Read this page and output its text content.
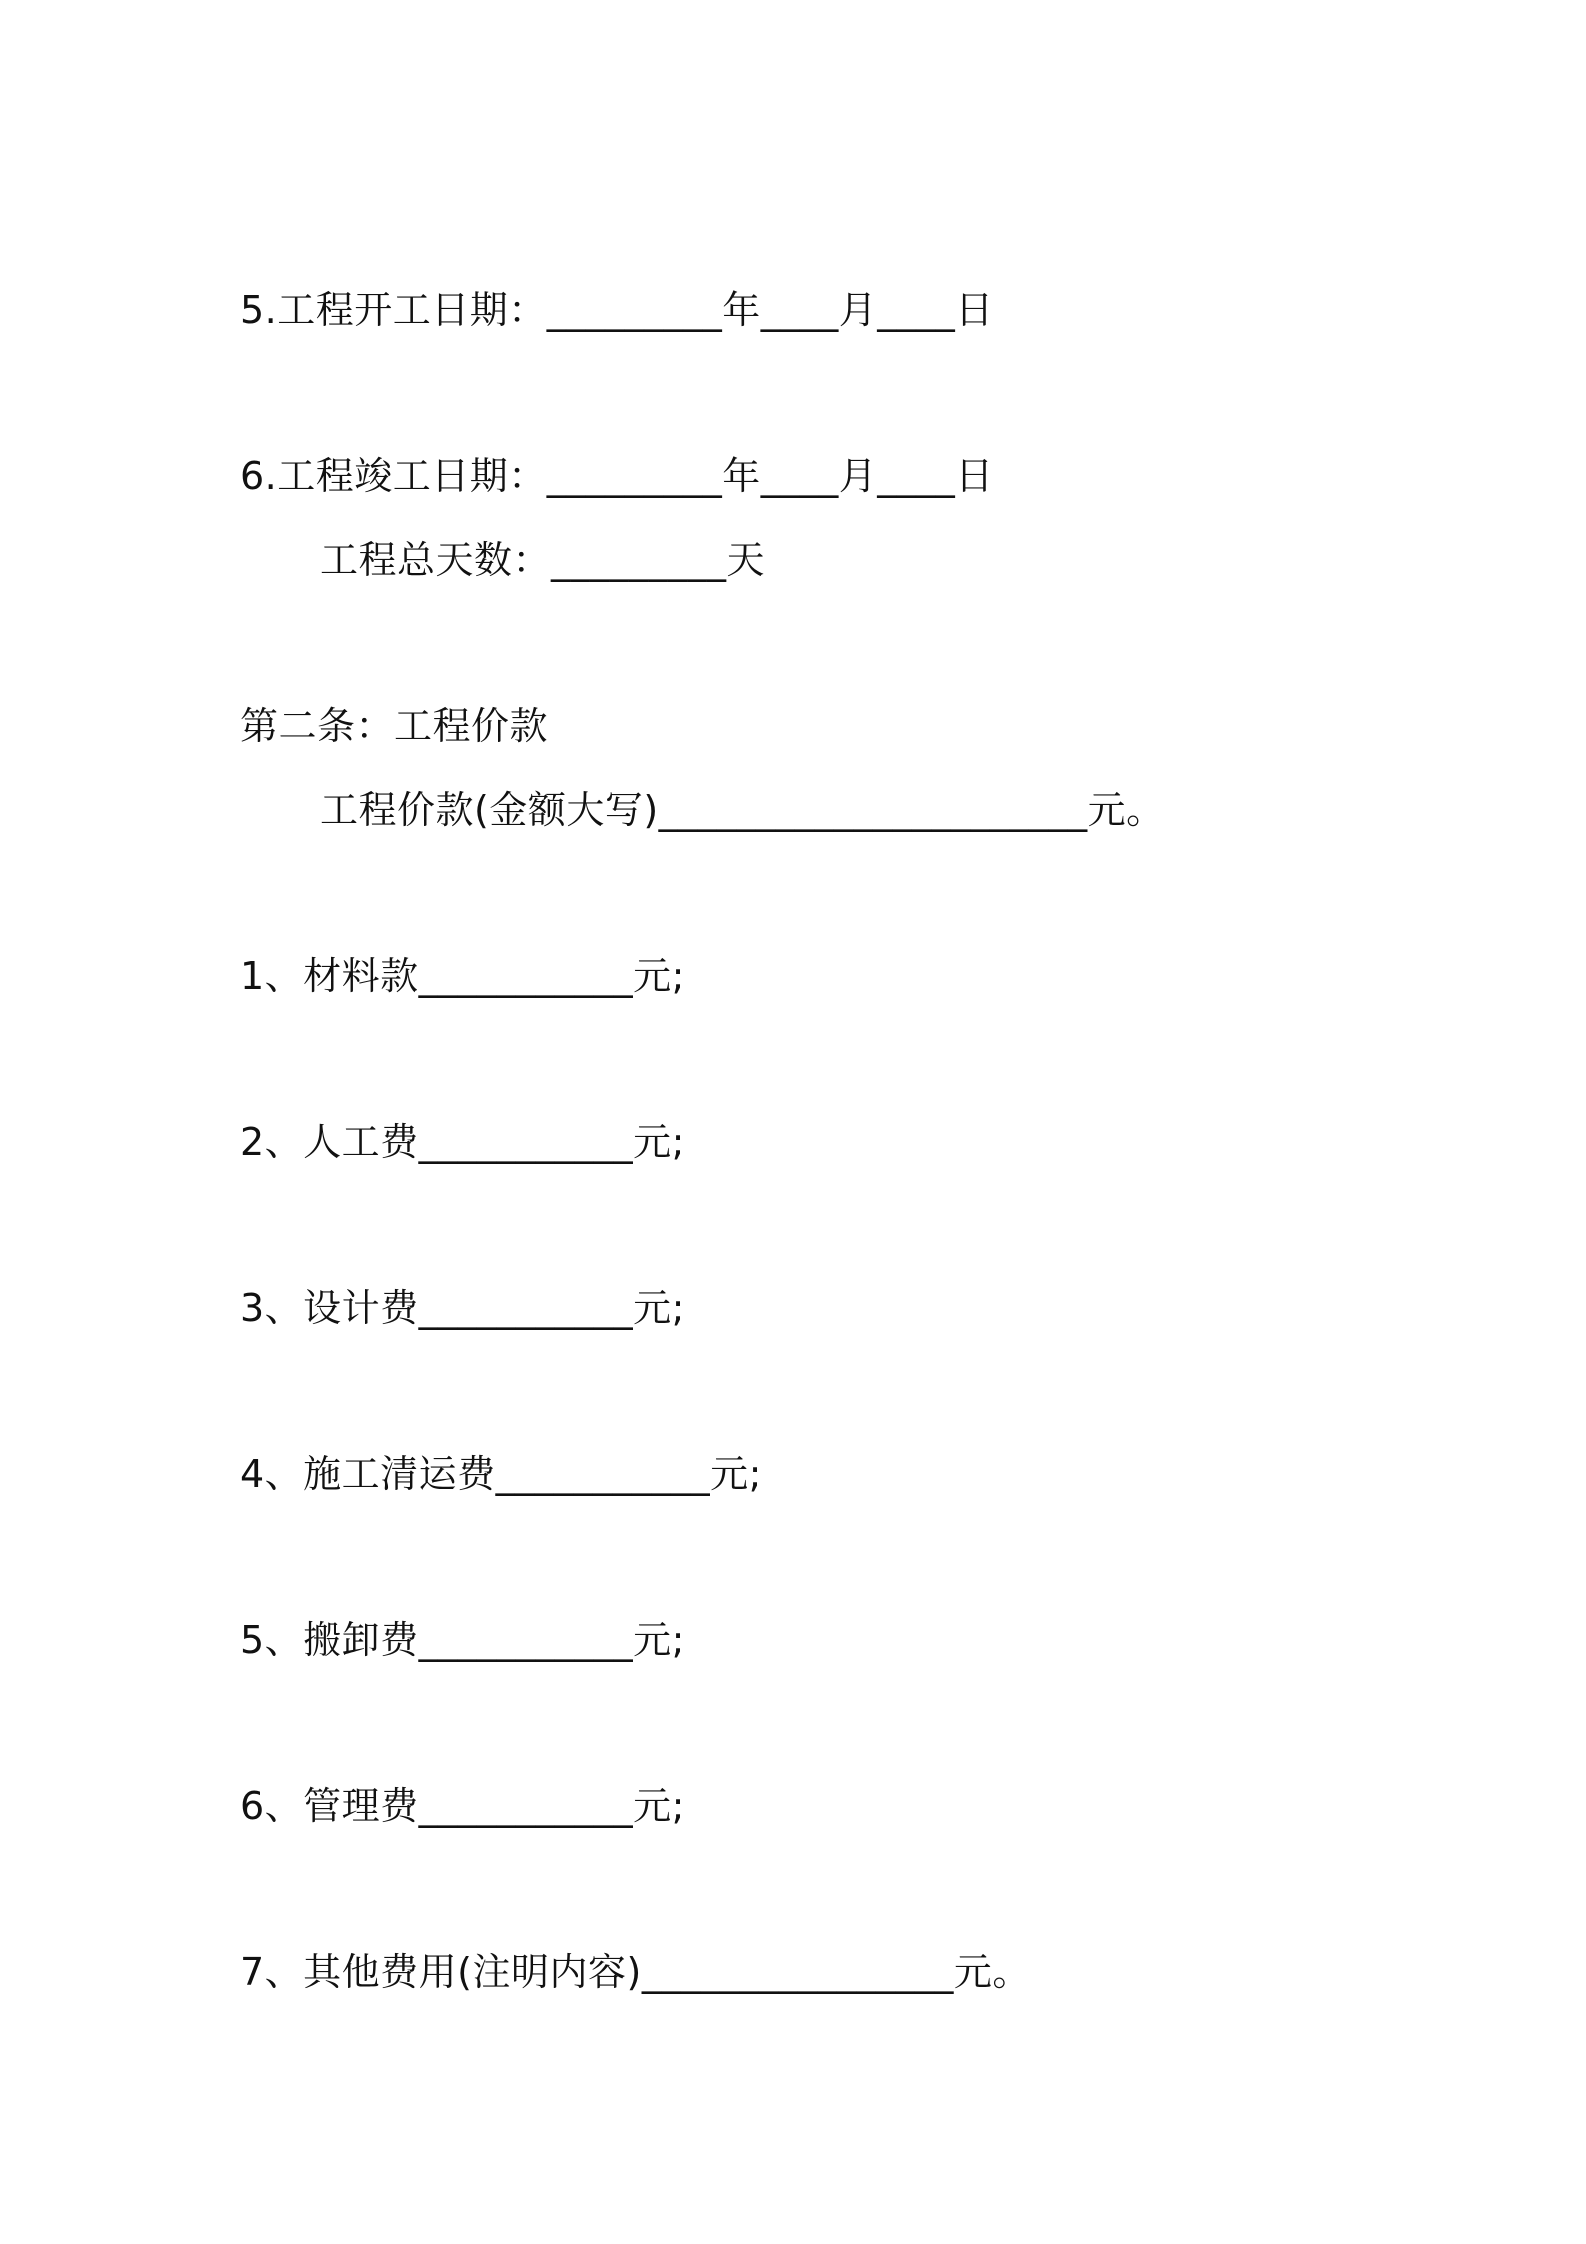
5.工程开工日期：_________年____月____日
6.工程竣工日期：_________年____月____日
工程总天数：_________天
第二条：工程价款
工程价款(金额大写)______________________元。
1、材料款___________元;
2、人工费___________元;
3、设计费___________元;
4、施工清运费___________元;
5、搬卸费___________元;
6、管理费___________元;
7、其他费用(注明内容)________________元。
